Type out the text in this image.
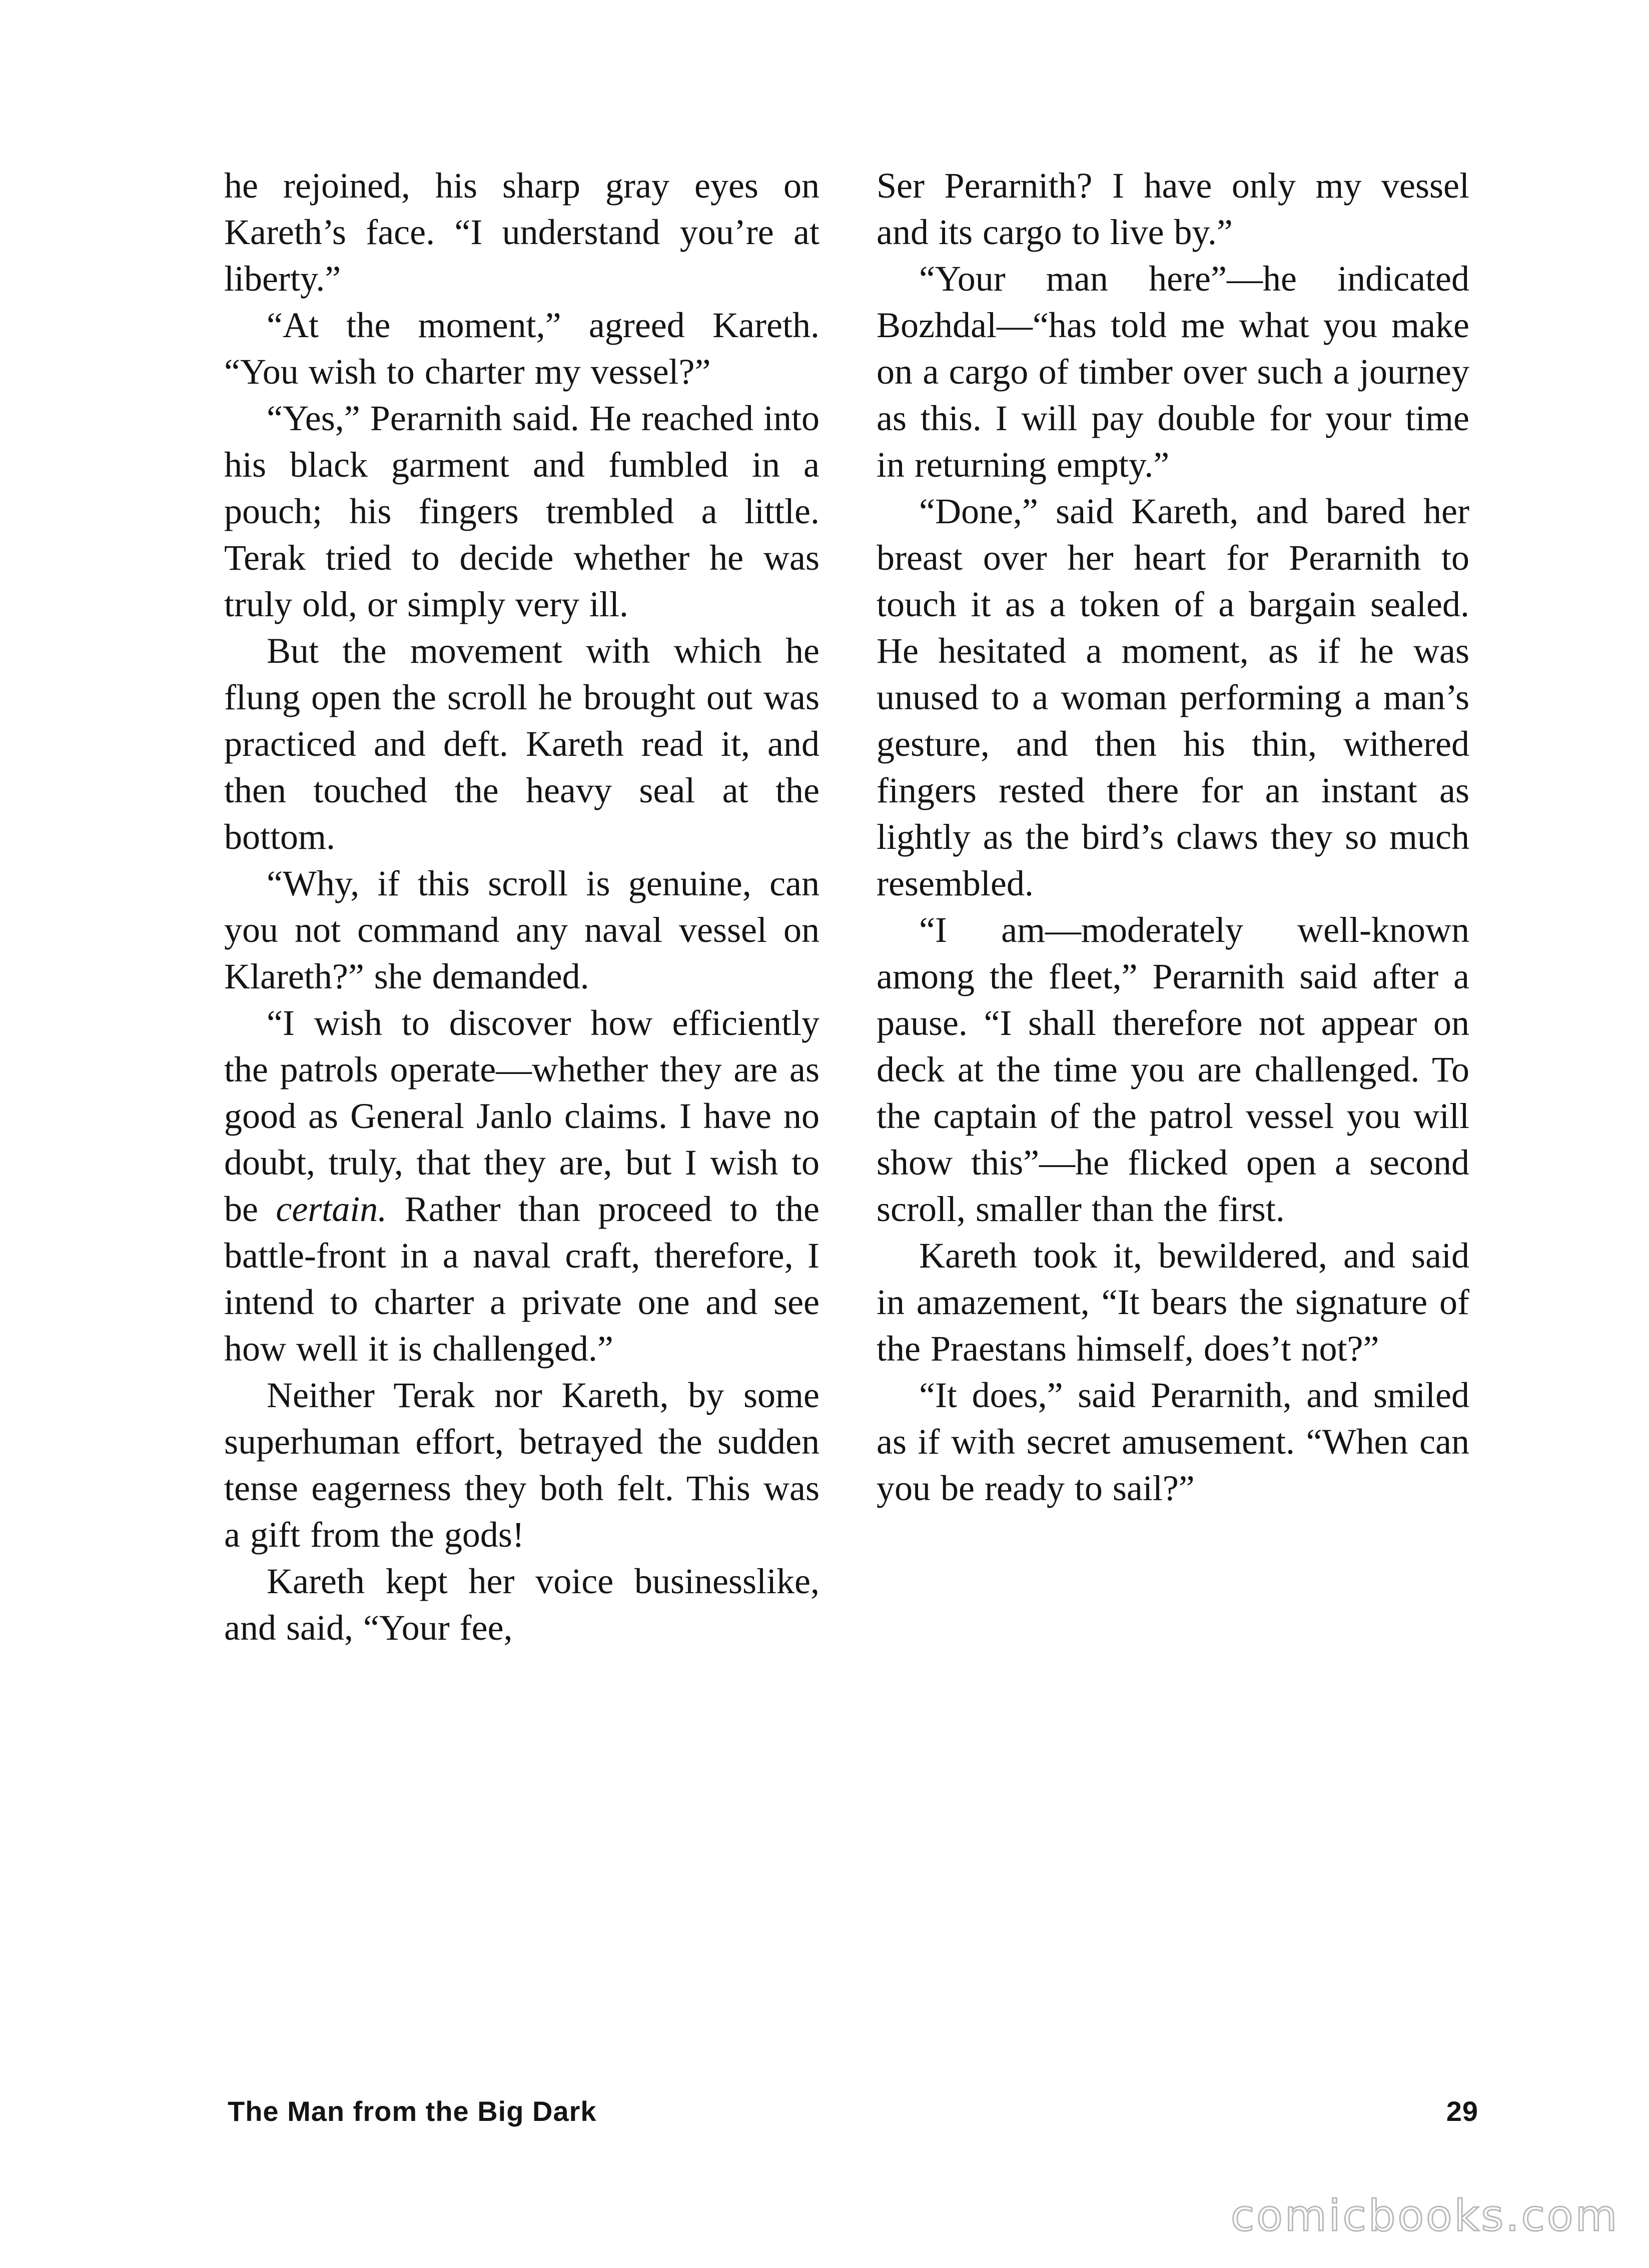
he rejoined, his sharp gray eyes on Kareth’s face. “I understand you’re at liberty.”

“At the moment,” agreed Kareth. “You wish to charter my vessel?”

“Yes,” Perarnith said. He reached into his black garment and fumbled in a pouch; his fingers trembled a little. Terak tried to decide whether he was truly old, or simply very ill.

But the movement with which he flung open the scroll he brought out was practiced and deft. Kareth read it, and then touched the heavy seal at the bottom.

“Why, if this scroll is genuine, can you not command any naval vessel on Klareth?” she demanded.

“I wish to discover how efficiently the patrols operate—whether they are as good as General Janlo claims. I have no doubt, truly, that they are, but I wish to be certain. Rather than proceed to the battle-front in a naval craft, therefore, I intend to charter a private one and see how well it is challenged.”

Neither Terak nor Kareth, by some superhuman effort, betrayed the sudden tense eagerness they both felt. This was a gift from the gods!

Kareth kept her voice businesslike, and said, “Your fee,

Ser Perarnith? I have only my vessel and its cargo to live by.”

“Your man here”—he indicated Bozhdal—“has told me what you make on a cargo of timber over such a journey as this. I will pay double for your time in returning empty.”

“Done,” said Kareth, and bared her breast over her heart for Perarnith to touch it as a token of a bargain sealed. He hesitated a moment, as if he was unused to a woman performing a man’s gesture, and then his thin, withered fingers rested there for an instant as lightly as the bird’s claws they so much resembled.

“I am—moderately well-known among the fleet,” Perarnith said after a pause. “I shall therefore not appear on deck at the time you are challenged. To the captain of the patrol vessel you will show this”—he flicked open a second scroll, smaller than the first.

Kareth took it, bewildered, and said in amazement, “It bears the signature of the Praestans himself, does’t not?”

“It does,” said Perarnith, and smiled as if with secret amusement. “When can you be ready to sail?”

The Man from the Big Dark	29
comicbooks.com
